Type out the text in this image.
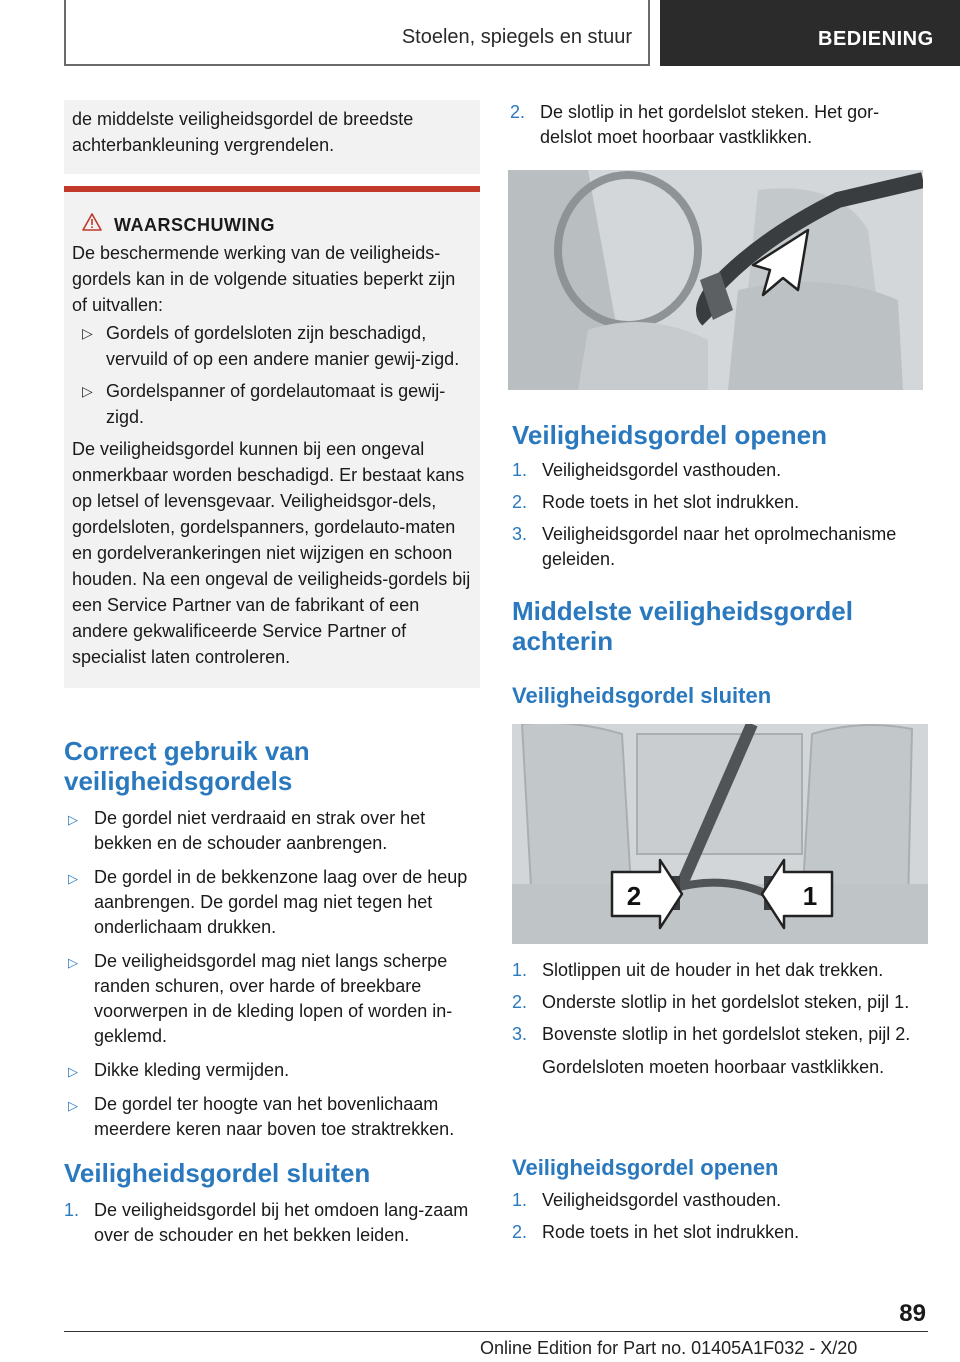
Stoelen, spiegels en stuur	BEDIENING
de middelste veiligheidsgordel de breedste achterbankleuning vergrendelen.
WAARSCHUWING

De beschermende werking van de veiligheids-gordels kan in de volgende situaties beperkt zijn of uitvallen:

▷ Gordels of gordelsloten zijn beschadigd, vervuild of op een andere manier gewij-zigd.
▷ Gordelspanner of gordelautomaat is gewij-zigd.

De veiligheidsgordel kunnen bij een ongeval onmerkbaar worden beschadigd. Er bestaat kans op letsel of levensgevaar. Veiligheidsgor-dels, gordelsloten, gordelspanners, gordelauto-maten en gordelverankeringen niet wijzigen en schoon houden. Na een ongeval de veiligheids-gordels bij een Service Partner van de fabrikant of een andere gekwalificeerde Service Partner of specialist laten controleren.

Correct gebruik van veiligheidsgordels
▷ De gordel niet verdraaid en strak over het bekken en de schouder aanbrengen.
▷ De gordel in de bekkenzone laag over de heup aanbrengen. De gordel mag niet tegen het onderlichaam drukken.
▷ De veiligheidsgordel mag niet langs scherpe randen schuren, over harde of breekbare voorwerpen in de kleding lopen of worden in-geklemd.
▷ Dikke kleding vermijden.
▷ De gordel ter hoogte van het bovenlichaam meerdere keren naar boven toe straktrekken.
Veiligheidsgordel sluiten
1. De veiligheidsgordel bij het omdoen lang-zaam over de schouder en het bekken leiden.
2. De slotlip in het gordelslot steken. Het gor-delslot moet hoorbaar vastklikken.
Veiligheidsgordel openen
1. Veiligheidsgordel vasthouden.
2. Rode toets in het slot indrukken.
3. Veiligheidsgordel naar het oprolmechanisme geleiden.
Middelste veiligheidsgordel achterin
Veiligheidsgordel sluiten
2	1
1. Slotlippen uit de houder in het dak trekken.
2. Onderste slotlip in het gordelslot steken, pijl 1.
3. Bovenste slotlip in het gordelslot steken, pijl 2.
Gordelsloten moeten hoorbaar vastklikken.
Veiligheidsgordel openen
1. Veiligheidsgordel vasthouden.
2. Rode toets in het slot indrukken.
89
Online Edition for Part no. 01405A1F032 - X/20
